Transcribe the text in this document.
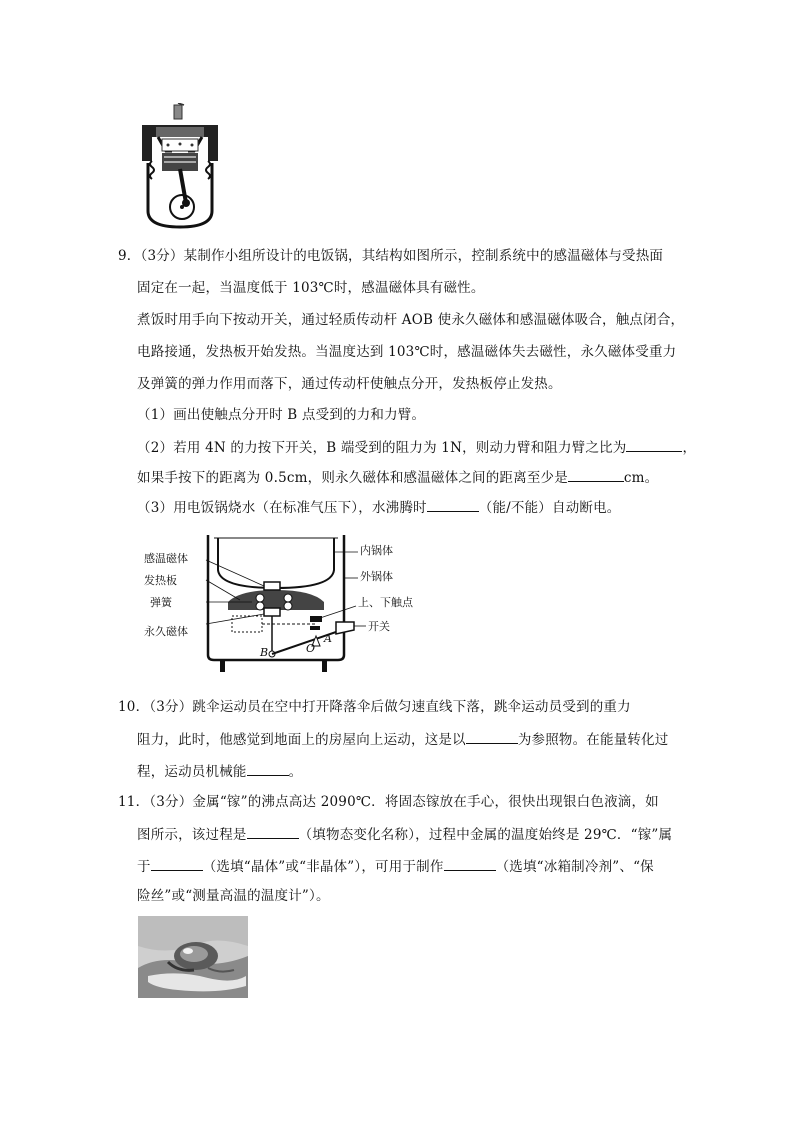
9．（3分）某制作小组所设计的电饭锅，其结构如图所示，控制系统中的感温磁体与受热面
固定在一起，当温度低于 103℃时，感温磁体具有磁性。
煮饭时用手向下按动开关，通过轻质传动杆 AOB 使永久磁体和感温磁体吸合，触点闭合，
电路接通，发热板开始发热。当温度达到 103℃时，感温磁体失去磁性，永久磁体受重力
及弹簧的弹力作用而落下，通过传动杆使触点分开，发热板停止发热。
（1）画出使触点分开时 B 点受到的力和力臂。
（2）若用 4N 的力按下开关，B 端受到的阻力为 1N，则动力臂和阻力臂之比为	，
如果手按下的距离为 0.5cm，则永久磁体和感温磁体之间的距离至少是	cm。
（3）用电饭锅烧水（在标准气压下），水沸腾时	（能/不能）自动断电。
感温磁体
发热板
弹簧
永久磁体
内锅体
外锅体
上、下触点
开关
B	O
A
10．（3分）跳伞运动员在空中打开降落伞后做匀速直线下落，跳伞运动员受到的重力
阻力，此时，他感觉到地面上的房屋向上运动，这是以	为参照物。在能量转化过
程，运动员机械能	。
11．（3分）金属“镓”的沸点高达 2090℃．将固态镓放在手心，很快出现银白色液滴，如
图所示，该过程是	（填物态变化名称），过程中金属的温度始终是 29℃．“镓”属
于	（选填“晶体”或“非晶体”），可用于制作	（选填“冰箱制冷剂”、“保
险丝”或“测量高温的温度计”）。
